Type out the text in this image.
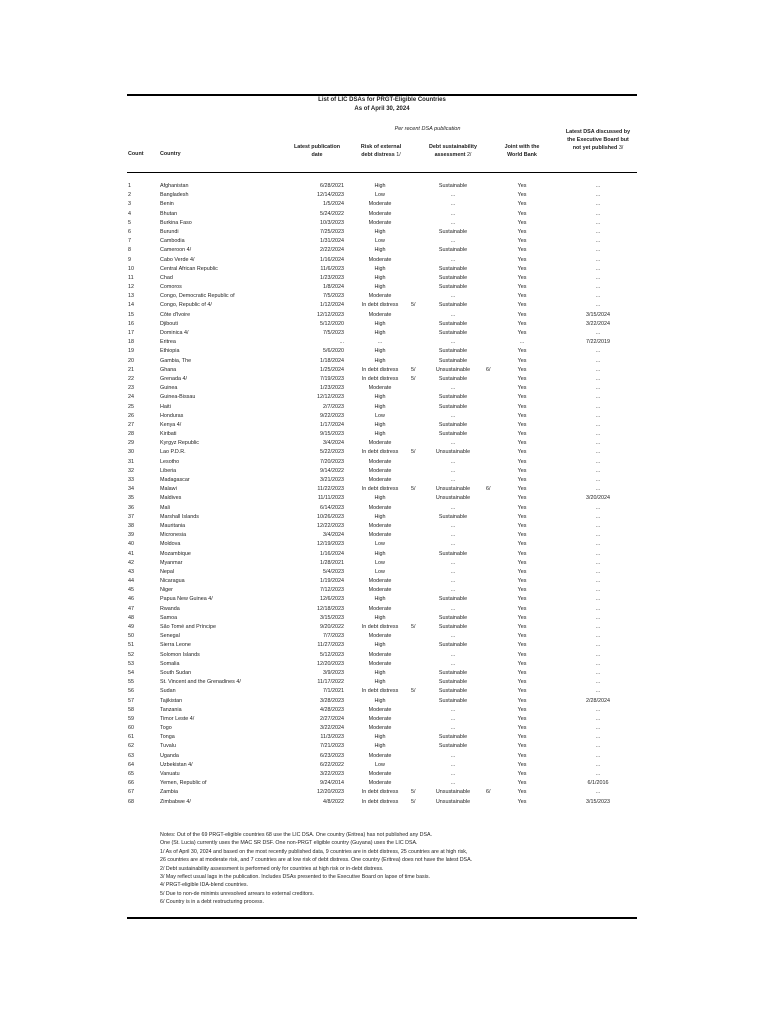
List of LIC DSAs for PRGT-Eligible Countries
As of April 30, 2024
Per recent DSA publication
Count	Country
Latest publication
date
Risk of external
debt distress 1/
Debt sustainability
assessment 2/
Joint with the
World Bank
Latest DSA discussed by
the Executive Board but
not yet published 3/
1	Afghanistan	6/28/2021	High	Sustainable	Yes	...
2	Bangladesh	12/14/2023	Low	...	Yes	...
3	Benin	1/5/2024	Moderate	...	Yes	...
4	Bhutan	5/24/2022	Moderate	...	Yes	...
5	Burkina Faso	10/3/2023	Moderate	...	Yes	...
6	Burundi	7/25/2023	High	Sustainable	Yes	...
7	Cambodia	1/31/2024	Low	...	Yes	...
8	Cameroon 4/	2/22/2024	High	Sustainable	Yes	...
9	Cabo Verde 4/	1/16/2024	Moderate	...	Yes	...
10	Central African Republic	11/6/2023	High	Sustainable	Yes	...
11	Chad	1/23/2023	High	Sustainable	Yes	...
12	Comoros	1/8/2024	High	Sustainable	Yes	...
13	Congo, Democratic Republic of	7/5/2023	Moderate	...	Yes	...
14	Congo, Republic of 4/	1/12/2024	In debt distress	5/	Sustainable	Yes	...
15	Côte d'Ivoire	12/12/2023	Moderate	...	Yes	3/15/2024
16	Djibouti	5/12/2020	High	Sustainable	Yes	3/22/2024
17	Dominica 4/	7/5/2023	High	Sustainable	Yes	...
18	Eritrea	...	...	...	...	7/22/2019
19	Ethiopia	5/6/2020	High	Sustainable	Yes	...
20	Gambia, The	1/18/2024	High	Sustainable	Yes	...
21	Ghana	1/25/2024	In debt distress	5/	Unsustainable	6/	Yes	...
22	Grenada 4/	7/19/2023	In debt distress	5/	Sustainable	Yes	...
23	Guinea	1/23/2023	Moderate	...	Yes	...
24	Guinea-Bissau	12/12/2023	High	Sustainable	Yes	...
25	Haiti	2/7/2023	High	Sustainable	Yes	...
26	Honduras	9/22/2023	Low	...	Yes	...
27	Kenya 4/	1/17/2024	High	Sustainable	Yes	...
28	Kiribati	9/15/2023	High	Sustainable	Yes	...
29	Kyrgyz Republic	3/4/2024	Moderate	...	Yes	...
30	Lao P.D.R.	5/22/2023	In debt distress	5/	Unsustainable	Yes	...
31	Lesotho	7/20/2023	Moderate	...	Yes	...
32	Liberia	9/14/2022	Moderate	...	Yes	...
33	Madagascar	3/21/2023	Moderate	...	Yes	...
34	Malawi	11/22/2023	In debt distress	5/	Unsustainable	6/	Yes	...
35	Maldives	11/11/2023	High	Unsustainable	Yes	3/20/2024
36	Mali	6/14/2023	Moderate	...	Yes	...
37	Marshall Islands	10/26/2023	High	Sustainable	Yes	...
38	Mauritania	12/22/2023	Moderate	...	Yes	...
39	Micronesia	3/4/2024	Moderate	...	Yes	...
40	Moldova	12/19/2023	Low	...	Yes	...
41	Mozambique	1/16/2024	High	Sustainable	Yes	...
42	Myanmar	1/28/2021	Low	...	Yes	...
43	Nepal	5/4/2023	Low	...	Yes	...
44	Nicaragua	1/19/2024	Moderate	...	Yes	...
45	Niger	7/12/2023	Moderate	...	Yes	...
46	Papua New Guinea 4/	12/6/2023	High	Sustainable	Yes	...
47	Rwanda	12/18/2023	Moderate	...	Yes	...
48	Samoa	3/15/2023	High	Sustainable	Yes	...
49	São Tomé and Príncipe	9/20/2022	In debt distress	5/	Sustainable	Yes	...
50	Senegal	7/7/2023	Moderate	...	Yes	...
51	Sierra Leone	11/27/2023	High	Sustainable	Yes	...
52	Solomon Islands	5/12/2023	Moderate	...	Yes	...
53	Somalia	12/20/2023	Moderate	...	Yes	...
54	South Sudan	3/9/2023	High	Sustainable	Yes	...
55	St. Vincent and the Grenadines 4/	11/17/2022	High	Sustainable	Yes	...
56	Sudan	7/1/2021	In debt distress	5/	Sustainable	Yes	...
57	Tajikistan	3/28/2023	High	Sustainable	Yes	2/28/2024
58	Tanzania	4/28/2023	Moderate	...	Yes	...
59	Timor Leste 4/	2/27/2024	Moderate	...	Yes	...
60	Togo	3/22/2024	Moderate	...	Yes	...
61	Tonga	11/3/2023	High	Sustainable	Yes	...
62	Tuvalu	7/21/2023	High	Sustainable	Yes	...
63	Uganda	6/23/2023	Moderate	...	Yes	...
64	Uzbekistan 4/	6/22/2022	Low	...	Yes	...
65	Vanuatu	3/22/2023	Moderate	...	Yes	...
66	Yemen, Republic of	9/24/2014	Moderate	...	Yes	6/1/2016
67	Zambia	12/20/2023	In debt distress	5/	Unsustainable	6/	Yes	...
68	Zimbabwe 4/	4/8/2022	In debt distress	5/	Unsustainable	Yes	3/15/2023
Notes: Out of the 69 PRGT-eligible countries 68 use the LIC DSA. One country (Eritrea) has not published any DSA.
One (St. Lucia) currently uses the MAC SR DSF. One non-PRGT eligible country (Guyana) uses the LIC DSA.
1/ As of April 30, 2024 and based on the most recently published data, 9 countries are in debt distress, 25 countries are at high risk,
26 countries are at moderate risk, and 7 countries are at low risk of debt distress. One country (Eritrea) does not have the latest DSA.
2/ Debt sustainability assessment is performed only for countries at high risk or in-debt distress.
3/ May reflect usual lags in the publication. Includes DSAs presented to the Executive Board on lapse of time basis.
4/ PRGT-eligible IDA-blend countries.
5/ Due to non-de minimis unresolved arrears to external creditors.
6/ Country is in a debt restructuring process.
